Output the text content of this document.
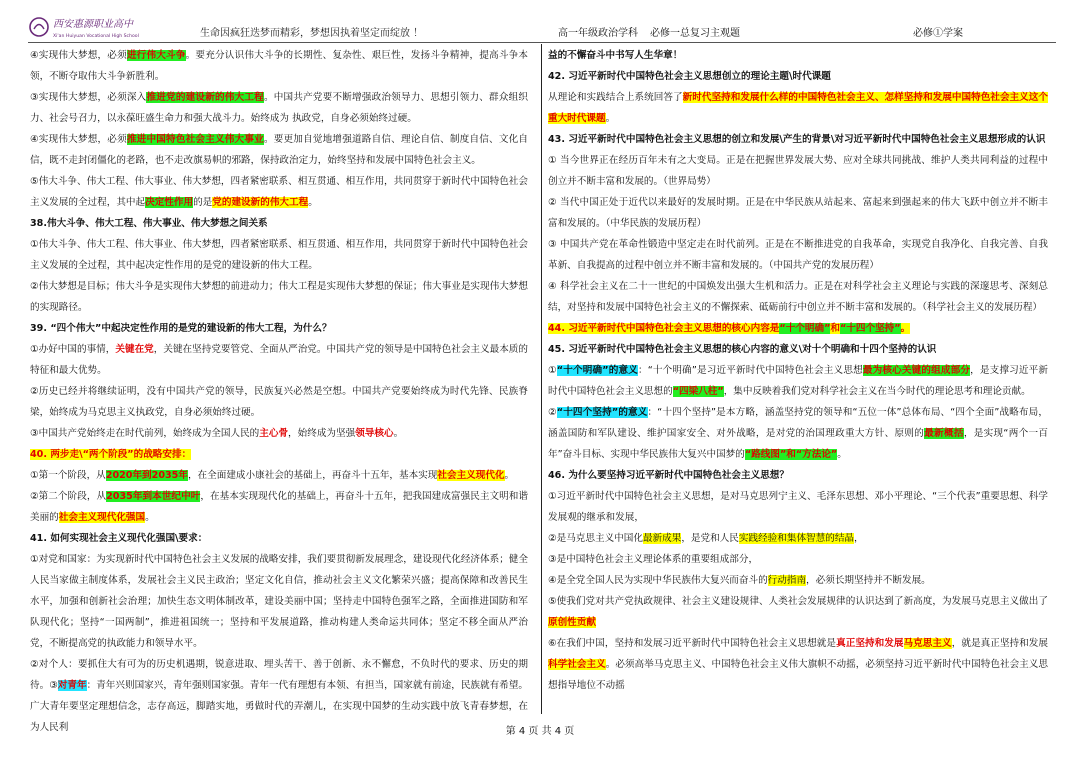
西安惠源职业高中
Xi'an Huiyuan Vocational High School	生命因疯狂迭梦而精彩，梦想因执着坚定而绽放 ！	高一年级政治学科 必修一总复习主观题	必修①学案

④实现伟大梦想，必须进行伟大斗争。要充分认识伟大斗争的长期性、复杂性、艰巨性，发扬斗争精神，提高斗争本领，不断夺取伟大斗争新胜利。

③实现伟大梦想，必须深入推进党的建设新的伟大工程。中国共产党要不断增强政治领导力、思想引领力、群众组织力、社会号召力，以永葆旺盛生命力和强大战斗力。始终成为 执政党，自身必须始终过硬。

④实现伟大梦想，必须推进中国特色社会主义伟大事业。要更加自觉地增强道路自信、理论自信、制度自信、文化自信，既不走封闭僵化的老路，也不走改旗易帜的邪路，保持政治定力，始终坚持和发展中国特色社会主义。

⑤伟大斗争、伟大工程、伟大事业、伟大梦想，四者紧密联系、相互贯通、相互作用，共同贯穿于新时代中国特色社会主义发展的全过程，其中起决定性作用的是党的建设新的伟大工程。

38.伟大斗争、伟大工程、伟大事业、伟大梦想之间关系

①伟大斗争、伟大工程、伟大事业、伟大梦想，四者紧密联系、相互贯通、相互作用，共同贯穿于新时代中国特色社会主义发展的全过程，其中起决定性作用的是党的建设新的伟大工程。

②伟大梦想是目标；伟大斗争是实现伟大梦想的前进动力；伟大工程是实现伟大梦想的保证；伟大事业是实现伟大梦想的实现路径。

39. “四个伟大”中起决定性作用的是党的建设新的伟大工程，为什么？

①办好中国的事情，关键在党，关键在坚持党要管党、全面从严治党。中国共产党的领导是中国特色社会主义最本质的特征和最大优势。

②历史已经并将继续证明，没有中国共产党的领导，民族复兴必然是空想。中国共产党要始终成为时代先锋、民族脊梁，始终成为马克思主义执政党，自身必须始终过硬。

③中国共产党始终走在时代前列，始终成为全国人民的主心骨，始终成为坚强领导核心。

40. 两步走\“两个阶段”的战略安排：

①第一个阶段，从2020年到2035年，在全面建成小康社会的基础上，再奋斗十五年，基本实现社会主义现代化。

②第二个阶段，从2035年到本世纪中叶，在基本实现现代化的基础上，再奋斗十五年，把我国建成富强民主文明和谐美丽的社会主义现代化强国。

41. 如何实现社会主义现代化强国\要求：

①对党和国家：为实现新时代中国特色社会主义发展的战略安排，我们要贯彻新发展理念，建设现代化经济体系；健全人民当家做主制度体系，发展社会主义民主政治；坚定文化自信，推动社会主义文化繁荣兴盛；提高保障和改善民生水平，加强和创新社会治理；加快生态文明体制改革，建设美丽中国；坚持走中国特色强军之路，全面推进国防和军队现代化；坚持“一国两制”，推进祖国统一；坚持和平发展道路，推动构建人类命运共同体；坚定不移全面从严治党，不断提高党的执政能力和领导水平。

②对个人：要抓住大有可为的历史机遇期，锐意进取、埋头苦干、善于创新、永不懈怠，不负时代的要求、历史的期待。③对青年：青年兴则国家兴，青年强则国家强。青年一代有理想有本领、有担当，国家就有前途，民族就有希望。广大青年要坚定理想信念，志存高远，脚踏实地，勇做时代的弄潮儿，在实现中国梦的生动实践中放飞青春梦想，在为人民利

益的不懈奋斗中书写人生华章！

42. 习近平新时代中国特色社会主义思想创立的理论主题\时代课题

从理论和实践结合上系统回答了新时代坚持和发展什么样的中国特色社会主义、怎样坚持和发展中国特色社会主义这个重大时代课题。

43. 习近平新时代中国特色社会主义思想的创立和发展\产生的背景\对习近平新时代中国特色社会主义思想形成的认识

① 当今世界正在经历百年未有之大变局。正是在把握世界发展大势、应对全球共同挑战、维护人类共同利益的过程中创立并不断丰富和发展的。（世界局势）

② 当代中国正处于近代以来最好的发展时期。正是在中华民族从站起来、富起来到强起来的伟大飞跃中创立并不断丰富和发展的。（中华民族的发展历程）

③ 中国共产党在革命性锻造中坚定走在时代前列。正是在不断推进党的自我革命，实现党自我净化、自我完善、自我革新、自我提高的过程中创立并不断丰富和发展的。（中国共产党的发展历程）

④ 科学社会主义在二十一世纪的中国焕发出强大生机和活力。正是在对科学社会主义理论与实践的深邃思考、深刻总结，对坚持和发展中国特色社会主义的不懈探索、砥砺前行中创立并不断丰富和发展的。（科学社会主义的发展历程）

44. 习近平新时代中国特色社会主义思想的核心内容是“十个明确”和“十四个坚持”。

45. 习近平新时代中国特色社会主义思想的核心内容的意义\对十个明确和十四个坚持的认识

①“十个明确”的意义：“十个明确”是习近平新时代中国特色社会主义思想最为核心关键的组成部分，是支撑习近平新时代中国特色社会主义思想的“四梁八柱”，集中反映着我们党对科学社会主义在当今时代的理论思考和理论贡献。

②“十四个坚持”的意义：“十四个坚持”是本方略，涵盖坚持党的领导和“五位一体”总体布局、“四个全面”战略布局，涵盖国防和军队建设、维护国家安全、对外战略，是对党的治国理政重大方针、原则的最新概括，是实现“两个一百年”奋斗目标、实现中华民族伟大复兴中国梦的“路线图”和“方法论”。

46. 为什么要坚持习近平新时代中国特色社会主义思想？

①习近平新时代中国特色社会主义思想，是对马克思列宁主义、毛泽东思想、邓小平理论、“三个代表”重要思想、科学发展观的继承和发展，

②是马克思主义中国化最新成果，是党和人民实践经验和集体智慧的结晶，

③是中国特色社会主义理论体系的重要组成部分，

④是全党全国人民为实现中华民族伟大复兴而奋斗的行动指南，必须长期坚持并不断发展。

⑤使我们党对共产党执政规律、社会主义建设规律、人类社会发展规律的认识达到了新高度，为发展马克思主义做出了原创性贡献

⑥在我们中国，坚持和发展习近平新时代中国特色社会主义思想就是真正坚持和发展马克思主义，就是真正坚持和发展科学社会主义。必须高举马克思主义、中国特色社会主义伟大旗帜不动摇，必须坚持习近平新时代中国特色社会主义思想指导地位不动摇

第 4 页 共 4 页
